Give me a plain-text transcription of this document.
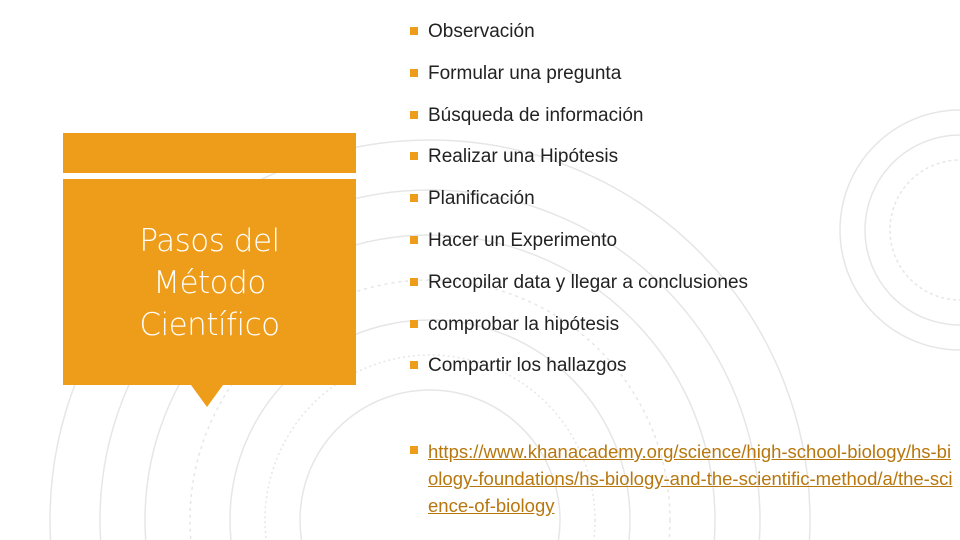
Pasos del
Método
Científico
Observación
Formular una pregunta
Búsqueda de información
Realizar una Hipótesis
Planificación
Hacer un Experimento
Recopilar data y llegar a conclusiones
comprobar la hipótesis
Compartir los hallazgos
https://www.khanacademy.org/science/high-school-biology/hs-biology-foundations/hs-biology-and-the-scientific-method/a/the-science-of-biology
